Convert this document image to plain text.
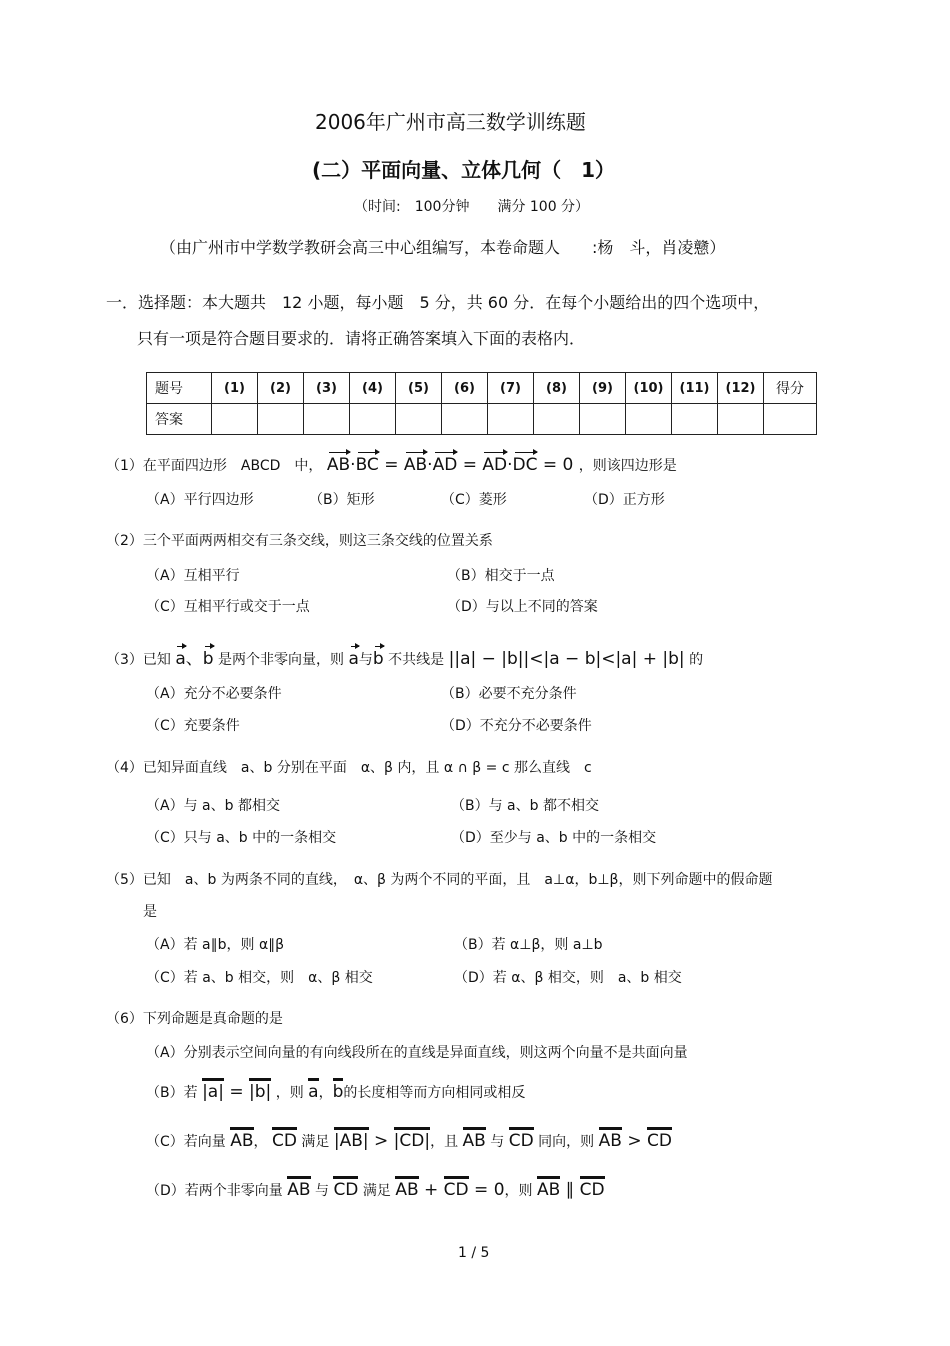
2006年广州市高三数学训练题
(二）平面向量、立体几何（　1）
（时间:　100分钟　　满分 100 分）
（由广州市中学数学教研会高三中心组编写，本卷命题人　　:杨　斗，肖凌戆）
一．选择题：本大题共　12 小题，每小题　5 分，共 60 分．在每个小题给出的四个选项中，
只有一项是符合题目要求的．请将正确答案填入下面的表格内．
题号	(1)	(2)	(3)	(4)	(5)	(6)	(7)	(8)	(9)	(10)	(11)	(12)	得分
答案													
（1）在平面四边形　ABCD　中， AB·BC = AB·AD = AD·DC = 0 ，则该四边形是
（A）平行四边形	（B）矩形	（C）菱形	（D）正方形
（2）三个平面两两相交有三条交线，则这三条交线的位置关系
（A）互相平行	（B）相交于一点
（C）互相平行或交于一点	（D）与以上不同的答案
（3）已知 a、b 是两个非零向量，则 a与b 不共线是 ||a| − |b||<|a − b|<|a| + |b| 的
（A）充分不必要条件	（B）必要不充分条件
（C）充要条件	（D）不充分不必要条件
（4）已知异面直线　a、b 分别在平面　α、β 内，且 α ∩ β = c 那么直线　c
（A）与 a、b 都相交	（B）与 a、b 都不相交
（C）只与 a、b 中的一条相交	（D）至少与 a、b 中的一条相交
（5）已知　a、b 为两条不同的直线，　α、β 为两个不同的平面，且　a⊥α，b⊥β，则下列命题中的假命题
是
（A）若 a∥b，则 α∥β	（B）若 α⊥β，则 a⊥b
（C）若 a、b 相交，则　α、β 相交	（D）若 α、β 相交，则　a、b 相交
（6）下列命题是真命题的是
（A）分别表示空间向量的有向线段所在的直线是异面直线，则这两个向量不是共面向量
（B）若 |a| = |b| ，则 a，b的长度相等而方向相同或相反
（C）若向量 AB， CD 满足 |AB| > |CD|，且 AB 与 CD 同向，则 AB > CD
（D）若两个非零向量 AB 与 CD 满足 AB + CD = 0，则 AB ∥ CD
1 / 5
